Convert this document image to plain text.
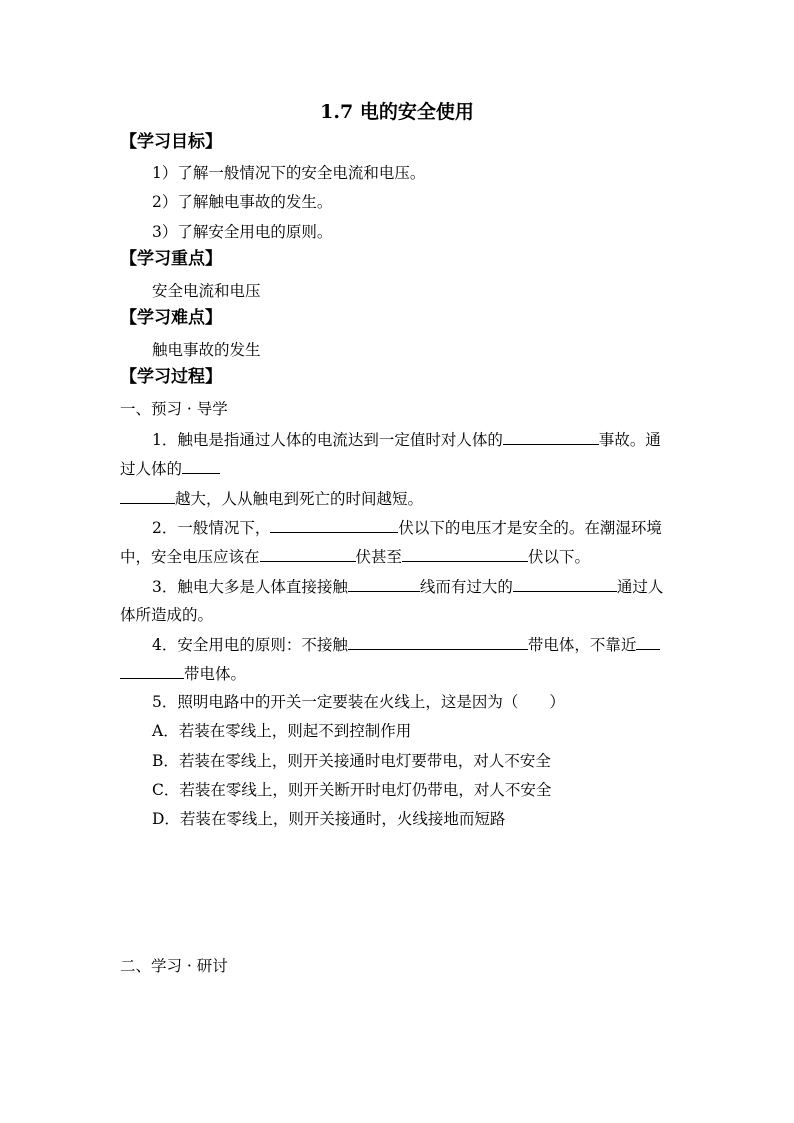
1.7 电的安全使用
【学习目标】
1）了解一般情况下的安全电流和电压。
2）了解触电事故的发生。
3）了解安全用电的原则。
【学习重点】
安全电流和电压
【学习难点】
触电事故的发生
【学习过程】
一、预习 · 导学
1．触电是指通过人体的电流达到一定值时对人体的	事故。通
过人体的
越大，人从触电到死亡的时间越短。
2．一般情况下，	伏以下的电压才是安全的。在潮湿环境
中，安全电压应该在	伏甚至	伏以下。
3．触电大多是人体直接接触	线而有过大的	通过人
体所造成的。
4．安全用电的原则：不接触	带电体，不靠近
带电体。
5．照明电路中的开关一定要装在火线上，这是因为（　　）
A．若装在零线上，则起不到控制作用
B．若装在零线上，则开关接通时电灯要带电，对人不安全
C．若装在零线上，则开关断开时电灯仍带电，对人不安全
D．若装在零线上，则开关接通时，火线接地而短路
二、学习 · 研讨
